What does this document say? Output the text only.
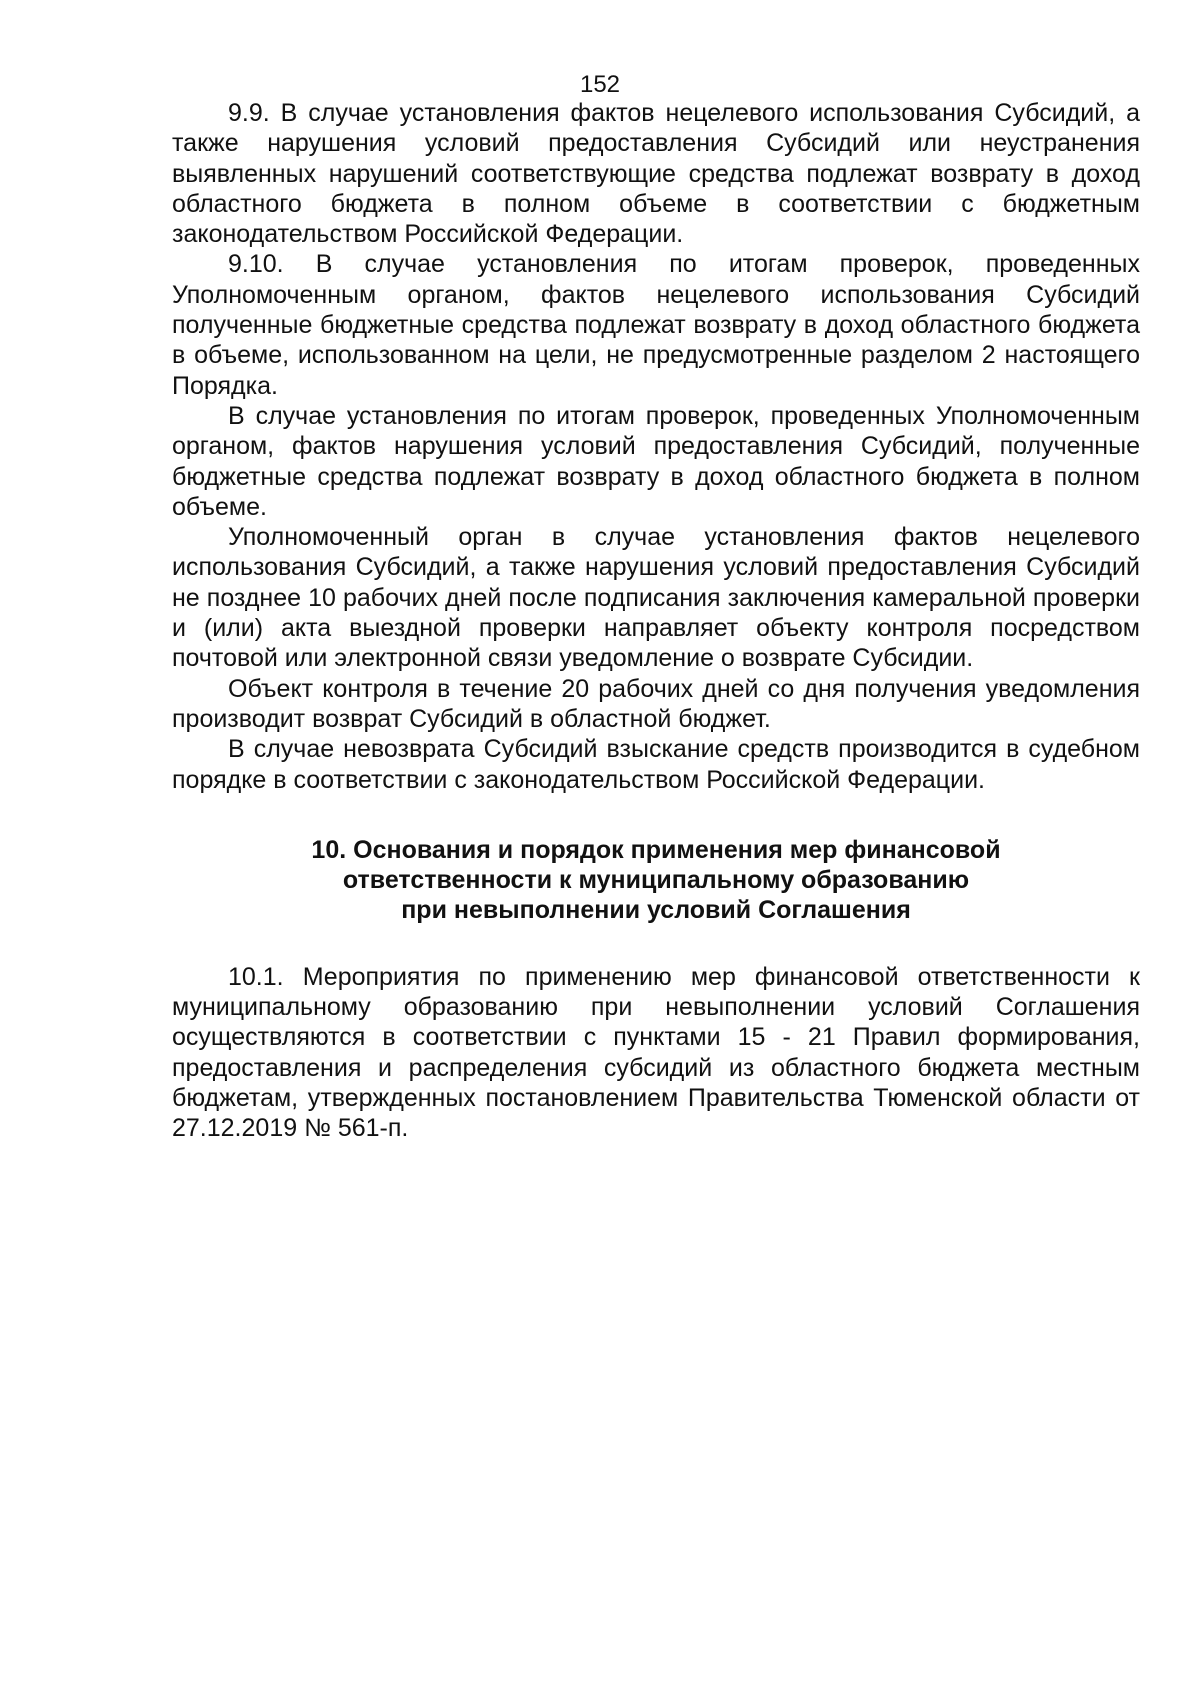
152

9.9. В случае установления фактов нецелевого использования Субсидий, а также нарушения условий предоставления Субсидий или неустранения выявленных нарушений соответствующие средства подлежат возврату в доход областного бюджета в полном объеме в соответствии с бюджетным законодательством Российской Федерации.

9.10. В случае установления по итогам проверок, проведенных Уполномоченным органом, фактов нецелевого использования Субсидий полученные бюджетные средства подлежат возврату в доход областного бюджета в объеме, использованном на цели, не предусмотренные разделом 2 настоящего Порядка.

В случае установления по итогам проверок, проведенных Уполномоченным органом, фактов нарушения условий предоставления Субсидий, полученные бюджетные средства подлежат возврату в доход областного бюджета в полном объеме.

Уполномоченный орган в случае установления фактов нецелевого использования Субсидий, а также нарушения условий предоставления Субсидий не позднее 10 рабочих дней после подписания заключения камеральной проверки и (или) акта выездной проверки направляет объекту контроля посредством почтовой или электронной связи уведомление о возврате Субсидии.

Объект контроля в течение 20 рабочих дней со дня получения уведомления производит возврат Субсидий в областной бюджет.

В случае невозврата Субсидий взыскание средств производится в судебном порядке в соответствии с законодательством Российской Федерации.

10. Основания и порядок применения мер финансовой
ответственности к муниципальному образованию
при невыполнении условий Соглашения

10.1. Мероприятия по применению мер финансовой ответственности к муниципальному образованию при невыполнении условий Соглашения осуществляются в соответствии с пунктами 15 - 21 Правил формирования, предоставления и распределения субсидий из областного бюджета местным бюджетам, утвержденных постановлением Правительства Тюменской области от 27.12.2019 № 561-п.
